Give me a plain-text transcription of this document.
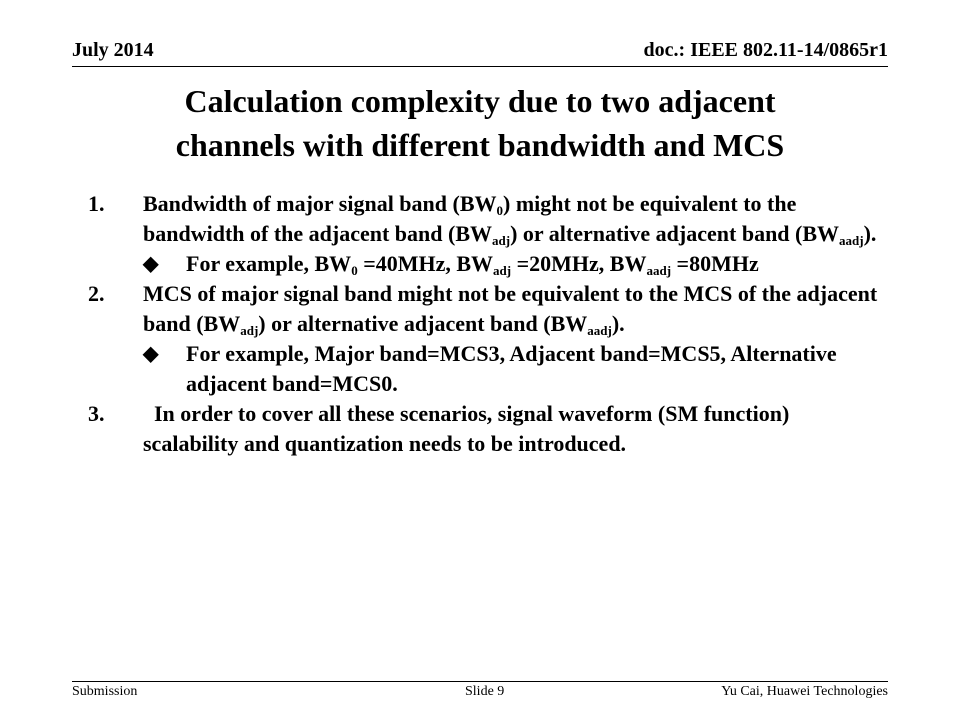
July 2014	doc.: IEEE 802.11-14/0865r1
Calculation complexity due to two adjacent
channels with different bandwidth and MCS
1. Bandwidth of major signal band $(BW_0)$ might not be equivalent to the bandwidth of the adjacent band $(BW_{adj})$ or alternative adjacent band $(BW_{aadj})$.
◆ For example, $BW_0 =40MHz$, $BW_{adj} =20MHz$, $BW_{aadj} =80MHz$
2. MCS of major signal band might not be equivalent to the MCS of the adjacent band $(BW_{adj})$ or alternative adjacent band $(BW_{aadj})$.
◆ For example, Major band=MCS3, Adjacent band=MCS5, Alternative adjacent band=MCS0.
3. In order to cover all these scenarios, signal waveform (SM function) scalability and quantization needs to be introduced.
Submission	Slide 9	Yu Cai, Huawei Technologies
